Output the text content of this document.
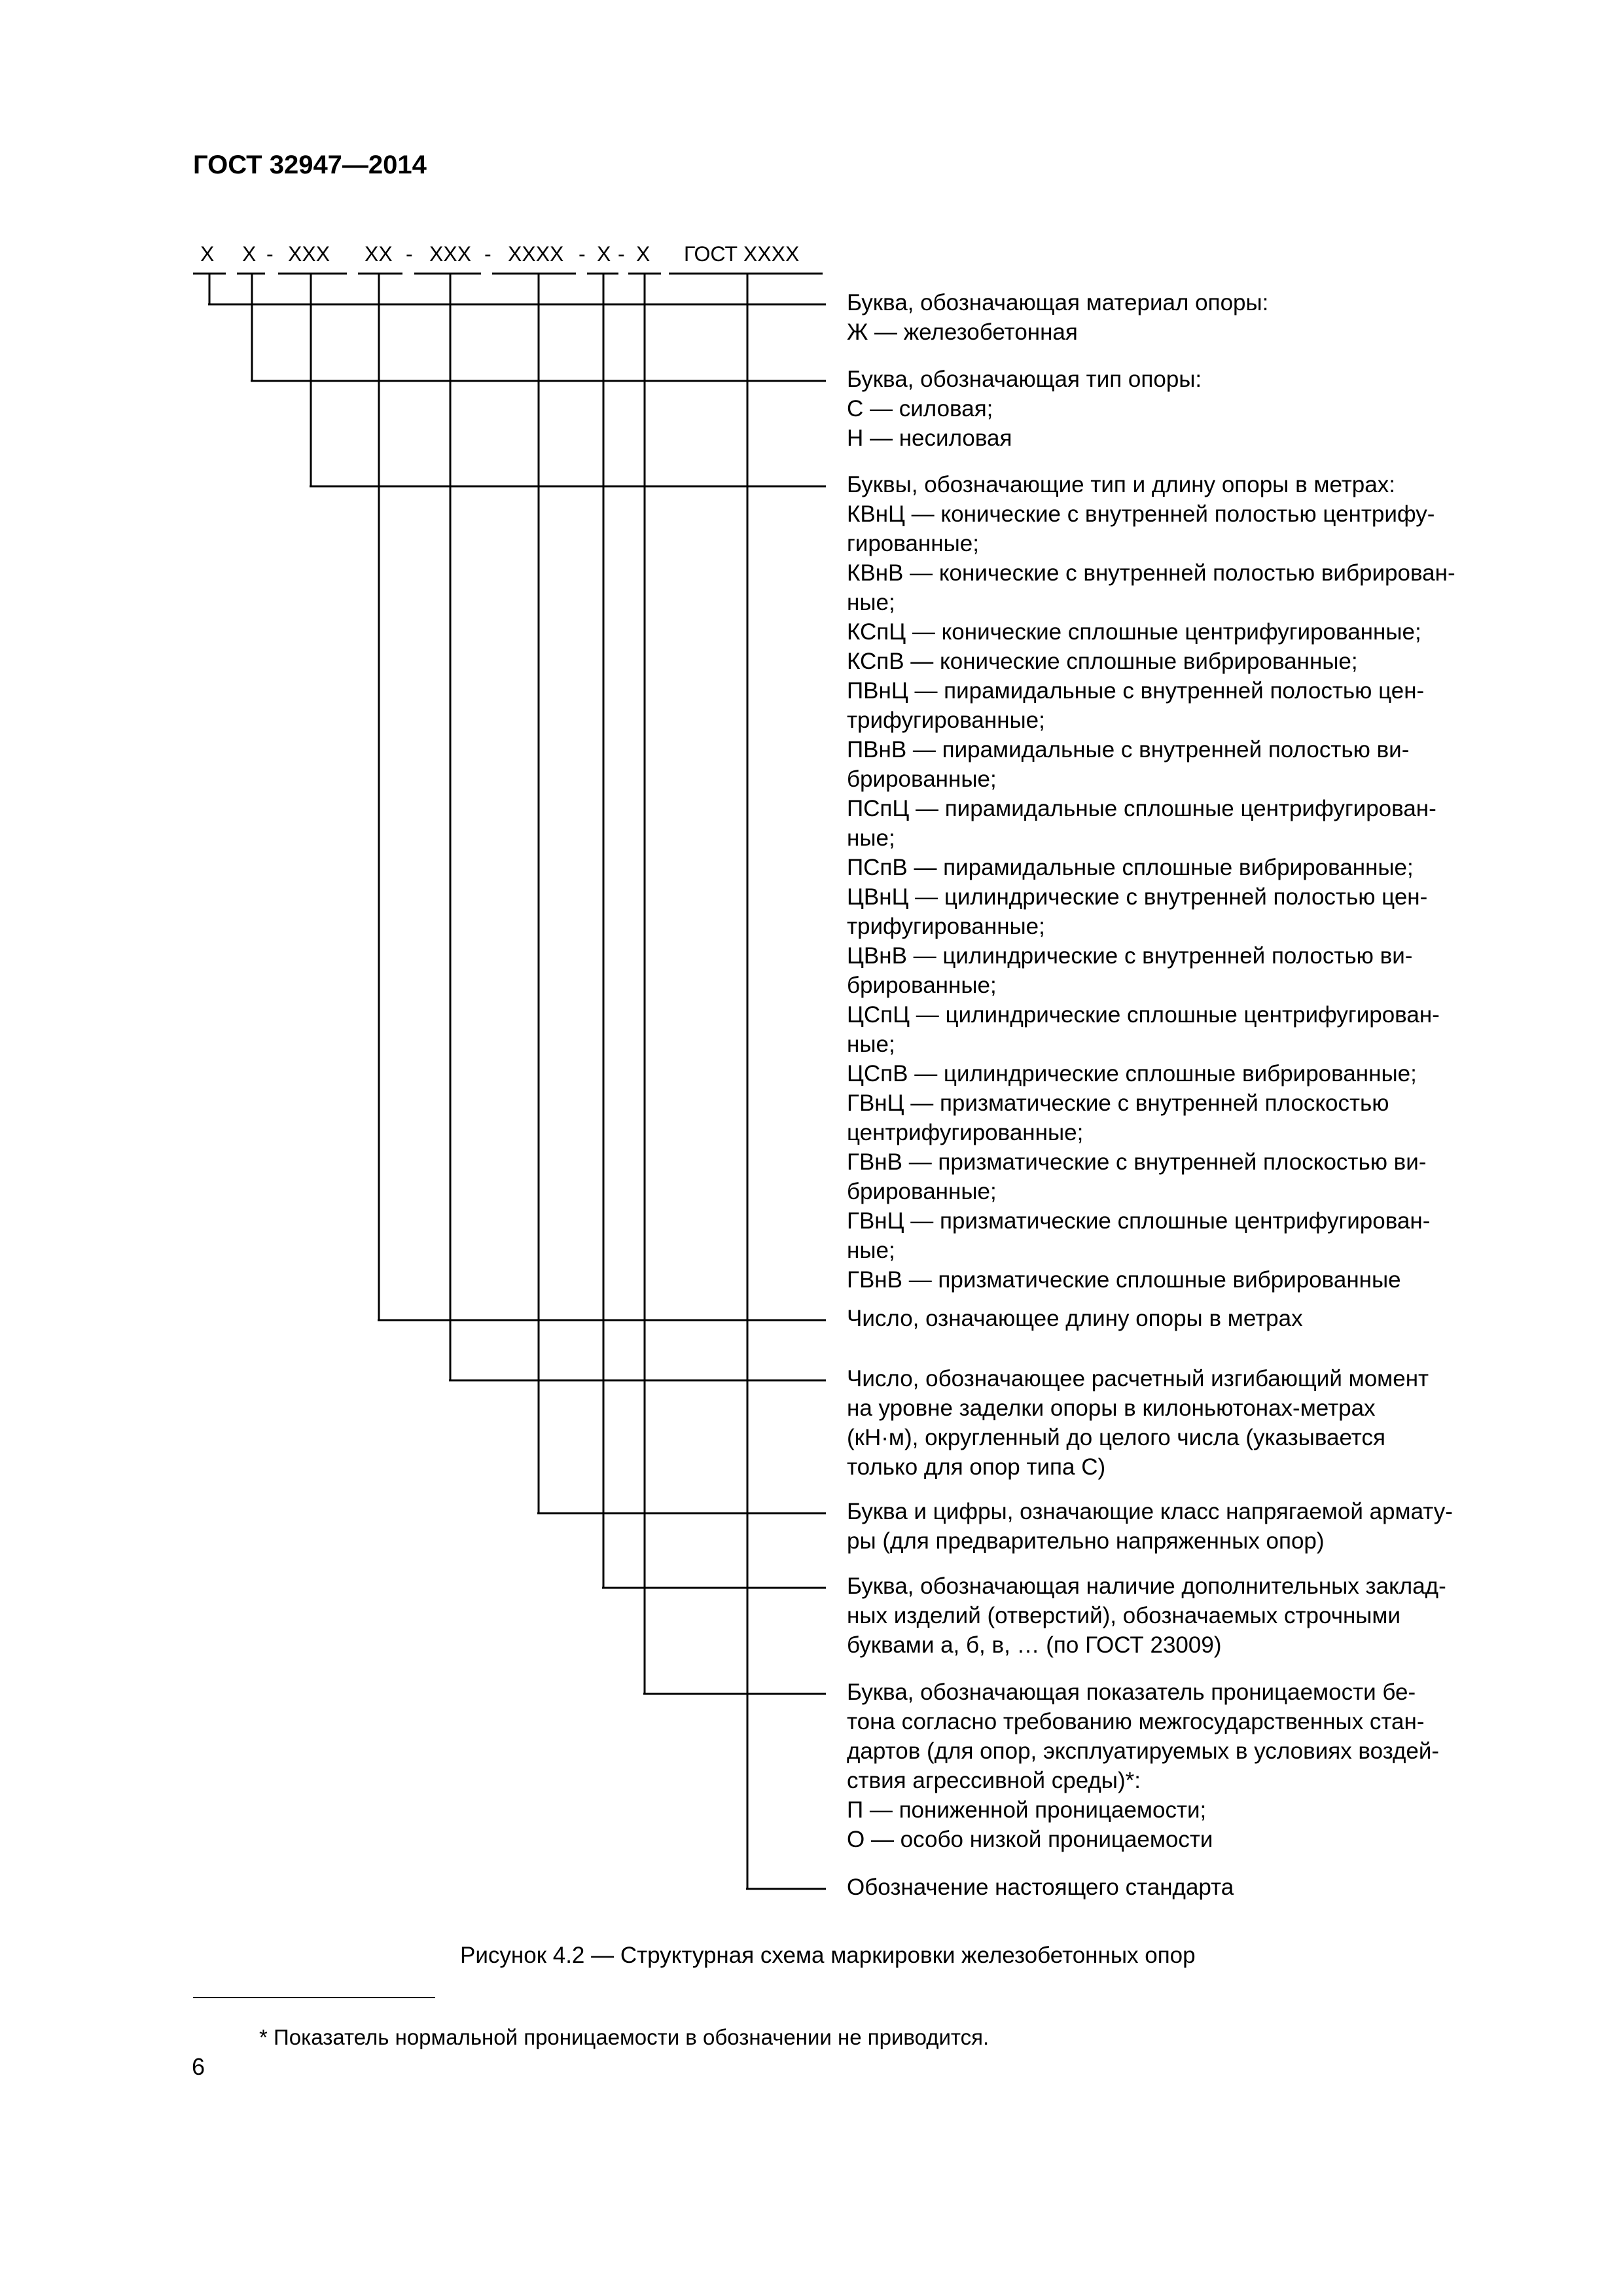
ГОСТ 32947—2014
Х Х - ХХХ ХХ - ХХХ - ХХХХ - Х - Х ГОСТ ХХХХ
Буква, обозначающая материал опоры:
Ж — железобетонная
Буква, обозначающая тип опоры:
С — силовая;
Н — несиловая
Буквы, обозначающие тип и длину опоры в метрах:
КВнЦ — конические с внутренней полостью центрифу-
гированные;
КВнВ — конические с внутренней полостью вибрирован-
ные;
КСпЦ — конические сплошные центрифугированные;
КСпВ — конические сплошные вибрированные;
ПВнЦ — пирамидальные с внутренней полостью цен-
трифугированные;
ПВнВ — пирамидальные с внутренней полостью ви-
брированные;
ПСпЦ — пирамидальные сплошные центрифугирован-
ные;
ПСпВ — пирамидальные сплошные вибрированные;
ЦВнЦ — цилиндрические с внутренней полостью цен-
трифугированные;
ЦВнВ — цилиндрические с внутренней полостью ви-
брированные;
ЦСпЦ — цилиндрические сплошные центрифугирован-
ные;
ЦСпВ — цилиндрические сплошные вибрированные;
ГВнЦ — призматические с внутренней плоскостью
центрифугированные;
ГВнВ — призматические с внутренней плоскостью ви-
брированные;
ГВнЦ — призматические сплошные центрифугирован-
ные;
ГВнВ — призматические сплошные вибрированные
Число, означающее длину опоры в метрах
Число, обозначающее расчетный изгибающий момент
на уровне заделки опоры в килоньютонах-метрах
(кН·м), округленный до целого числа (указывается
только для опор типа С)
Буква и цифры, означающие класс напрягаемой армату-
ры (для предварительно напряженных опор)
Буква, обозначающая наличие дополнительных заклад-
ных изделий (отверстий), обозначаемых строчными
буквами а, б, в, … (по ГОСТ 23009)
Буква, обозначающая показатель проницаемости бе-
тона согласно требованию межгосударственных стан-
дартов (для опор, эксплуатируемых в условиях воздей-
ствия агрессивной среды)*:
П — пониженной проницаемости;
О — особо низкой проницаемости
Обозначение настоящего стандарта
Рисунок 4.2 — Структурная схема маркировки железобетонных опор
* Показатель нормальной проницаемости в обозначении не приводится.
6
